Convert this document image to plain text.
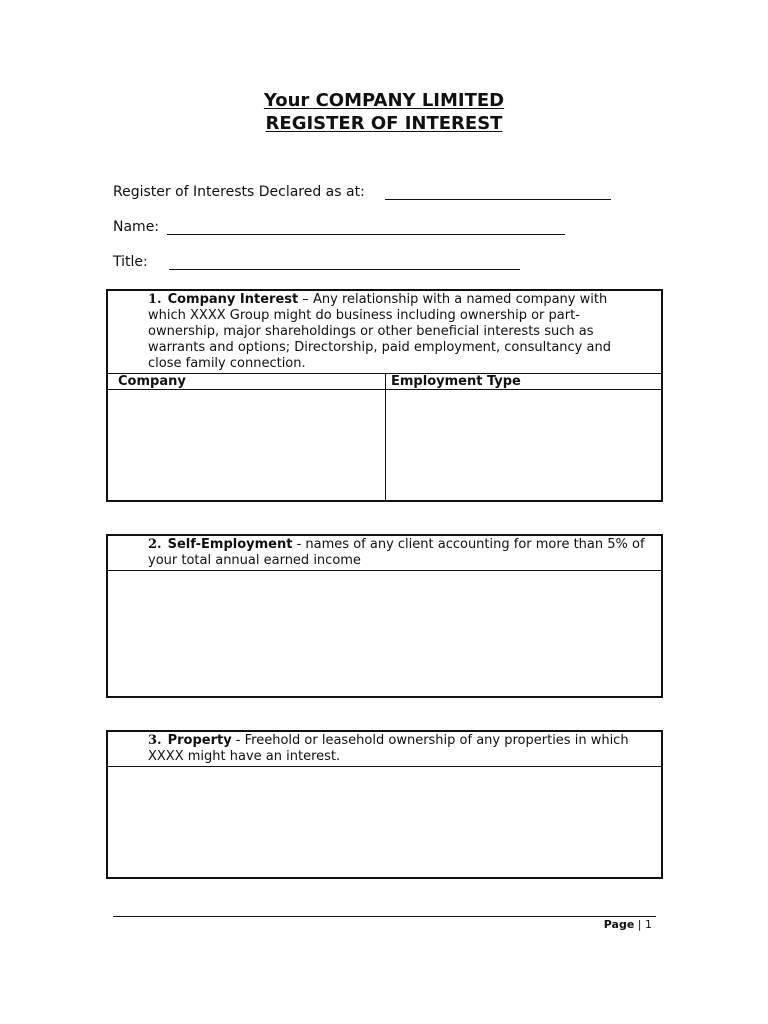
Your COMPANY LIMITED
REGISTER OF INTEREST
Register of Interests Declared as at:
Name:
Title:
1. Company Interest – Any relationship with a named company with which XXXX Group might do business including ownership or part-ownership, major shareholdings or other beneficial interests such as warrants and options; Directorship, paid employment, consultancy and close family connection.
Company	Employment Type
2. Self-Employment - names of any client accounting for more than 5% of your total annual earned income
3. Property - Freehold or leasehold ownership of any properties in which XXXX might have an interest.
Page | 1
